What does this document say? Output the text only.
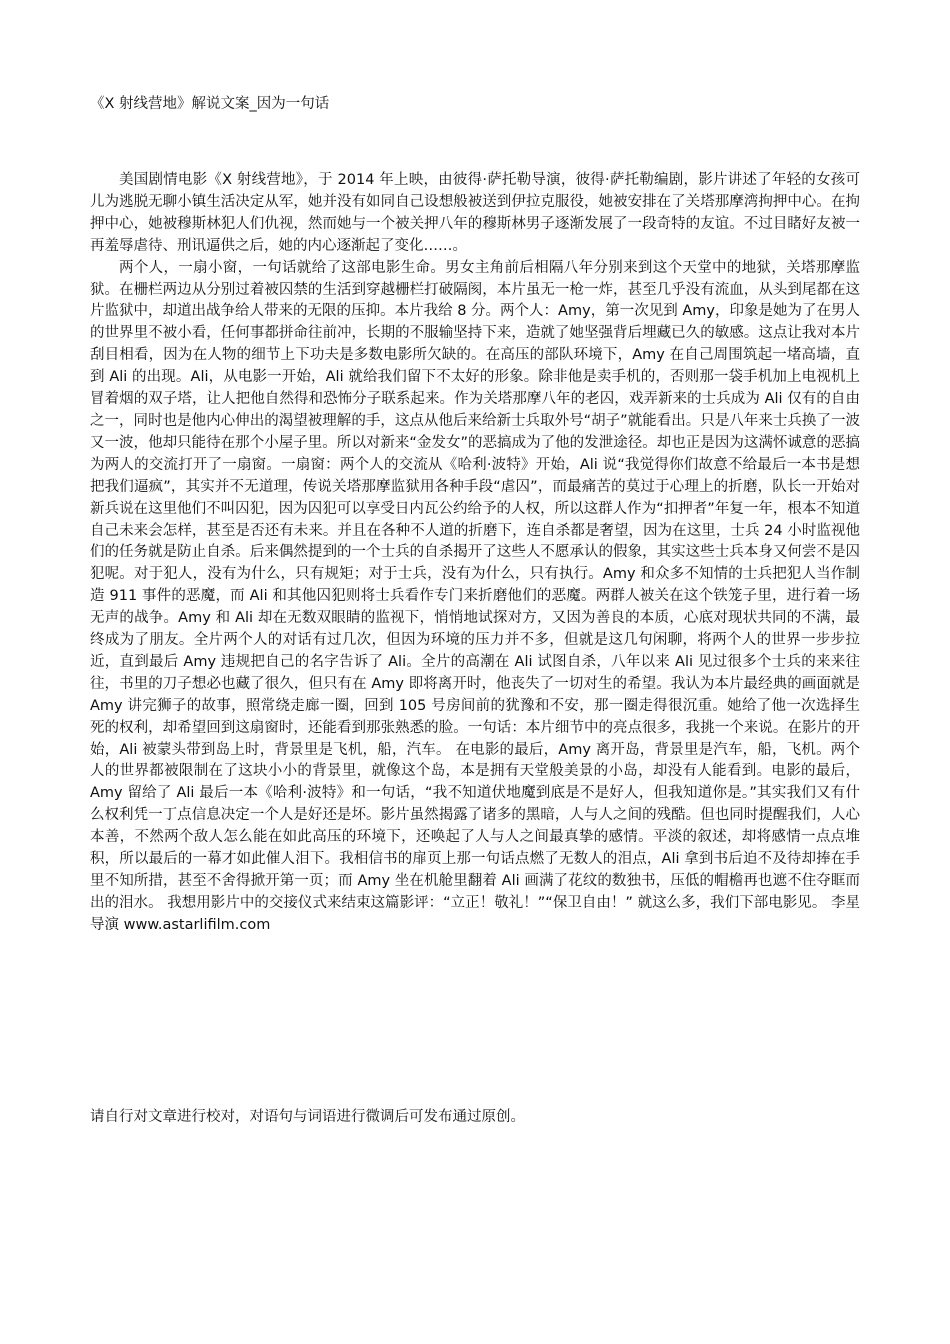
《X 射线营地》解说文案_因为一句话

美国剧情电影《X 射线营地》，于 2014 年上映，由彼得·萨托勒导演，彼得·萨托勒编剧，影片讲述了年轻的女孩可儿为逃脱无聊小镇生活决定从军，她并没有如同自己设想般被送到伊拉克服役，她被安排在了关塔那摩湾拘押中心。在拘押中心，她被穆斯林犯人们仇视，然而她与一个被关押八年的穆斯林男子逐渐发展了一段奇特的友谊。不过目睹好友被一再羞辱虐待、刑讯逼供之后，她的内心逐渐起了变化……。

两个人，一扇小窗，一句话就给了这部电影生命。男女主角前后相隔八年分别来到这个天堂中的地狱，关塔那摩监狱。在栅栏两边从分别过着被囚禁的生活到穿越栅栏打破隔阂，本片虽无一枪一炸，甚至几乎没有流血，从头到尾都在这片监狱中，却道出战争给人带来的无限的压抑。本片我给 8 分。两个人：Amy，第一次见到 Amy，印象是她为了在男人的世界里不被小看，任何事都拼命往前冲，长期的不服输坚持下来，造就了她坚强背后埋藏已久的敏感。这点让我对本片刮目相看，因为在人物的细节上下功夫是多数电影所欠缺的。在高压的部队环境下，Amy 在自己周围筑起一堵高墙，直到 Ali 的出现。Ali，从电影一开始，Ali 就给我们留下不太好的形象。除非他是卖手机的，否则那一袋手机加上电视机上冒着烟的双子塔，让人把他自然得和恐怖分子联系起来。作为关塔那摩八年的老囚，戏弄新来的士兵成为 Ali 仅有的自由之一，同时也是他内心伸出的渴望被理解的手，这点从他后来给新士兵取外号“胡子”就能看出。只是八年来士兵换了一波又一波，他却只能待在那个小屋子里。所以对新来“金发女”的恶搞成为了他的发泄途径。却也正是因为这满怀诚意的恶搞为两人的交流打开了一扇窗。一扇窗：两个人的交流从《哈利·波特》开始，Ali 说“我觉得你们故意不给最后一本书是想把我们逼疯”，其实并不无道理，传说关塔那摩监狱用各种手段“虐囚”，而最痛苦的莫过于心理上的折磨，队长一开始对新兵说在这里他们不叫囚犯，因为囚犯可以享受日内瓦公约给予的人权，所以这群人作为“扣押者”年复一年，根本不知道自己未来会怎样，甚至是否还有未来。并且在各种不人道的折磨下，连自杀都是奢望，因为在这里，士兵 24 小时监视他们的任务就是防止自杀。后来偶然提到的一个士兵的自杀揭开了这些人不愿承认的假象，其实这些士兵本身又何尝不是囚犯呢。对于犯人，没有为什么，只有规矩；对于士兵，没有为什么，只有执行。Amy 和众多不知情的士兵把犯人当作制造 911 事件的恶魔，而 Ali 和其他囚犯则将士兵看作专门来折磨他们的恶魔。两群人被关在这个铁笼子里，进行着一场无声的战争。Amy 和 Ali 却在无数双眼睛的监视下，悄悄地试探对方，又因为善良的本质，心底对现状共同的不满，最终成为了朋友。全片两个人的对话有过几次，但因为环境的压力并不多，但就是这几句闲聊，将两个人的世界一步步拉近，直到最后 Amy 违规把自己的名字告诉了 Ali。全片的高潮在 Ali 试图自杀，八年以来 Ali 见过很多个士兵的来来往往，书里的刀子想必也藏了很久，但只有在 Amy 即将离开时，他丧失了一切对生的希望。我认为本片最经典的画面就是 Amy 讲完狮子的故事，照常绕走廊一圈，回到 105 号房间前的犹豫和不安，那一圈走得很沉重。她给了他一次选择生死的权利，却希望回到这扇窗时，还能看到那张熟悉的脸。一句话：本片细节中的亮点很多，我挑一个来说。在影片的开始，Ali 被蒙头带到岛上时，背景里是飞机，船，汽车。 在电影的最后，Amy 离开岛，背景里是汽车，船，飞机。两个人的世界都被限制在了这块小小的背景里，就像这个岛，本是拥有天堂般美景的小岛，却没有人能看到。电影的最后，Amy 留给了 Ali 最后一本《哈利·波特》和一句话，“我不知道伏地魔到底是不是好人，但我知道你是。”其实我们又有什么权利凭一丁点信息决定一个人是好还是坏。影片虽然揭露了诸多的黑暗，人与人之间的残酷。但也同时提醒我们，人心本善，不然两个敌人怎么能在如此高压的环境下，还唤起了人与人之间最真挚的感情。平淡的叙述，却将感情一点点堆积，所以最后的一幕才如此催人泪下。我相信书的扉页上那一句话点燃了无数人的泪点，Ali 拿到书后迫不及待却捧在手里不知所措，甚至不舍得掀开第一页；而 Amy 坐在机舱里翻着 Ali 画满了花纹的数独书，压低的帽檐再也遮不住夺眶而出的泪水。 我想用影片中的交接仪式来结束这篇影评：“立正！敬礼！”“保卫自由！” 就这么多，我们下部电影见。 李星导演 www.astarlifilm.com

请自行对文章进行校对，对语句与词语进行微调后可发布通过原创。
